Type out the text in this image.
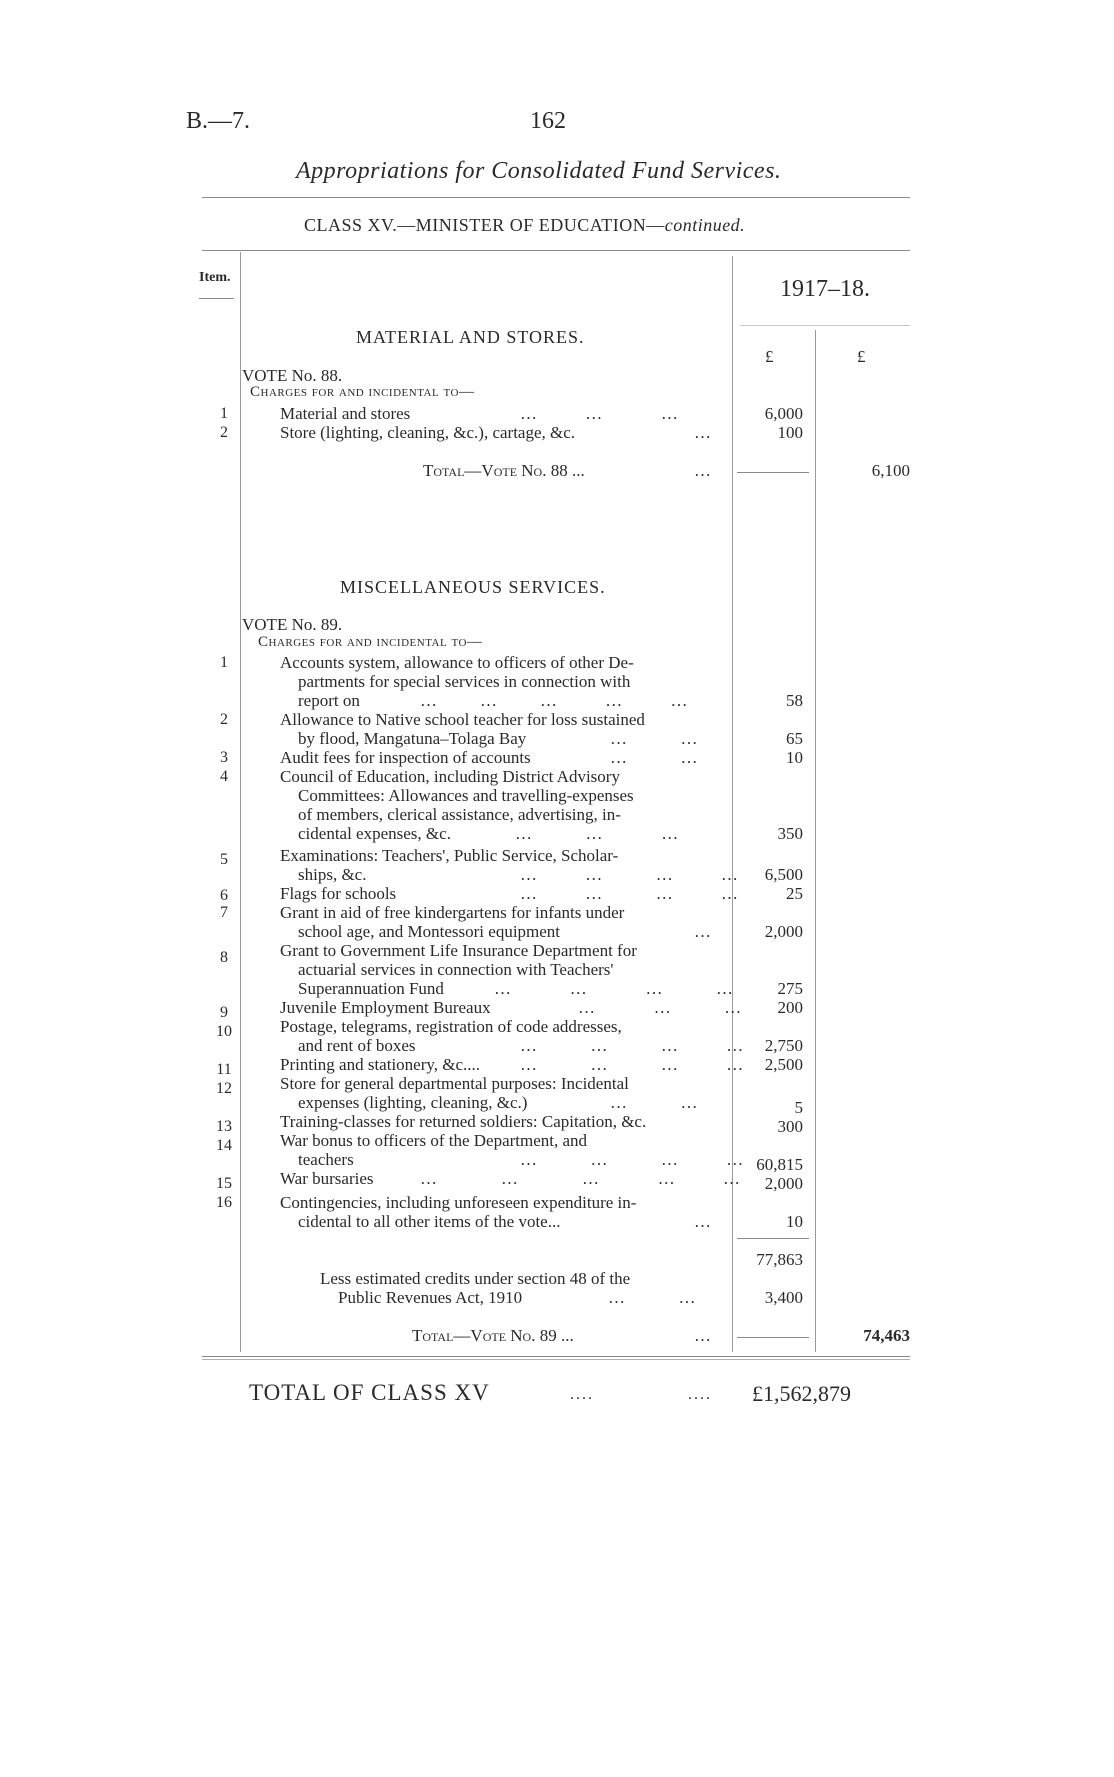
B.—7.	162
Appropriations for Consolidated Fund Services.
CLASS XV.—MINISTER OF EDUCATION—continued.
Item.	1917–18.
£	£
MATERIAL AND STORES.
VOTE No. 88.
Charges for and incidental to—
1	Material and stores	…         …           …	6,000
2	Store (lighting, cleaning, &c.), cartage, &c.	…	100
Total—Vote No. 88 ...	…	6,100
MISCELLANEOUS SERVICES.
VOTE No. 89.
Charges for and incidental to—
1	Accounts system, allowance to officers of other De-
partments for special services in connection with
report on	…        …        …         …         …	58
2	Allowance to Native school teacher for loss sustained
by flood, Mangatuna–Tolaga Bay	…          …	65
3	Audit fees for inspection of accounts	…          …	10
4	Council of Education, including District Advisory
Committees: Allowances and travelling-expenses
of members, clerical assistance, advertising, in-
cidental expenses, &c.	…          …           …	350
5	Examinations: Teachers', Public Service, Scholar-
ships, &c.	…         …          …         …	6,500
6	Flags for schools	…         …          …         …	25
7	Grant in aid of free kindergartens for infants under
school age, and Montessori equipment	…	2,000
8	Grant to Government Life Insurance Department for
actuarial services in connection with Teachers'
Superannuation Fund	…           …           …          …	275
9	Juvenile Employment Bureaux	…           …          …	200
10	Postage, telegrams, registration of code addresses,
and rent of boxes	…          …          …         …	2,750
11	Printing and stationery, &c.... …          …          …         …	2,500
12	Store for general departmental purposes: Incidental
expenses (lighting, cleaning, &c.)	…          …	5
13	Training-classes for returned soldiers: Capitation, &c.	300
14	War bonus to officers of the Department, and
teachers	…          …          …         … 60,815
15	War bursaries	…            …            …           …         …	2,000
16	Contingencies, including unforeseen expenditure in-
cidental to all other items of the vote...	…	10
77,863
Less estimated credits under section 48 of the
Public Revenues Act, 1910	…          …	3,400
Total—Vote No. 89 ...	…	74,463
TOTAL OF CLASS XV	....	.... £1,562,879
